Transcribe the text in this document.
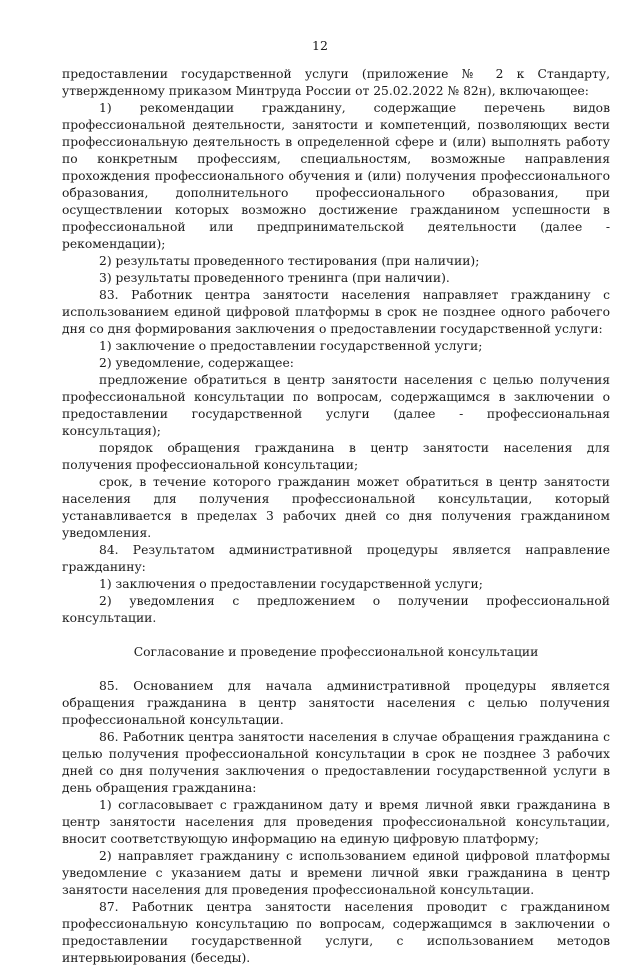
12

предоставлении государственной услуги (приложение № 2 к Стандарту, утвержденному приказом Минтруда России от 25.02.2022 № 82н), включающее:

1) рекомендации гражданину, содержащие перечень видов профессиональной деятельности, занятости и компетенций, позволяющих вести профессиональную деятельность в определенной сфере и (или) выполнять работу по конкретным профессиям, специальностям, возможные направления прохождения профессионального обучения и (или) получения профессионального образования, дополнительного профессионального образования, при осуществлении которых возможно достижение гражданином успешности в профессиональной или предпринимательской деятельности (далее - рекомендации);

2) результаты проведенного тестирования (при наличии);

3) результаты проведенного тренинга (при наличии).

83. Работник центра занятости населения направляет гражданину с использованием единой цифровой платформы в срок не позднее одного рабочего дня со дня формирования заключения о предоставлении государственной услуги:

1) заключение о предоставлении государственной услуги;

2) уведомление, содержащее:

предложение обратиться в центр занятости населения с целью получения профессиональной консультации по вопросам, содержащимся в заключении о предоставлении государственной услуги (далее - профессиональная консультация);

порядок обращения гражданина в центр занятости населения для получения профессиональной консультации;

срок, в течение которого гражданин может обратиться в центр занятости населения для получения профессиональной консультации, который устанавливается в пределах 3 рабочих дней со дня получения гражданином уведомления.

84. Результатом административной процедуры является направление гражданину:

1) заключения о предоставлении государственной услуги;

2) уведомления с предложением о получении профессиональной консультации.

Согласование и проведение профессиональной консультации

85. Основанием для начала административной процедуры является обращения гражданина в центр занятости населения с целью получения профессиональной консультации.

86. Работник центра занятости населения в случае обращения гражданина с целью получения профессиональной консультации в срок не позднее 3 рабочих дней со дня получения заключения о предоставлении государственной услуги в день обращения гражданина:

1) согласовывает с гражданином дату и время личной явки гражданина в центр занятости населения для проведения профессиональной консультации, вносит соответствующую информацию на единую цифровую платформу;

2) направляет гражданину с использованием единой цифровой платформы уведомление с указанием даты и времени личной явки гражданина в центр занятости населения для проведения профессиональной консультации.

87. Работник центра занятости населения проводит с гражданином профессиональную консультацию по вопросам, содержащимся в заключении о предоставлении государственной услуги, с использованием методов интервьюирования (беседы).
